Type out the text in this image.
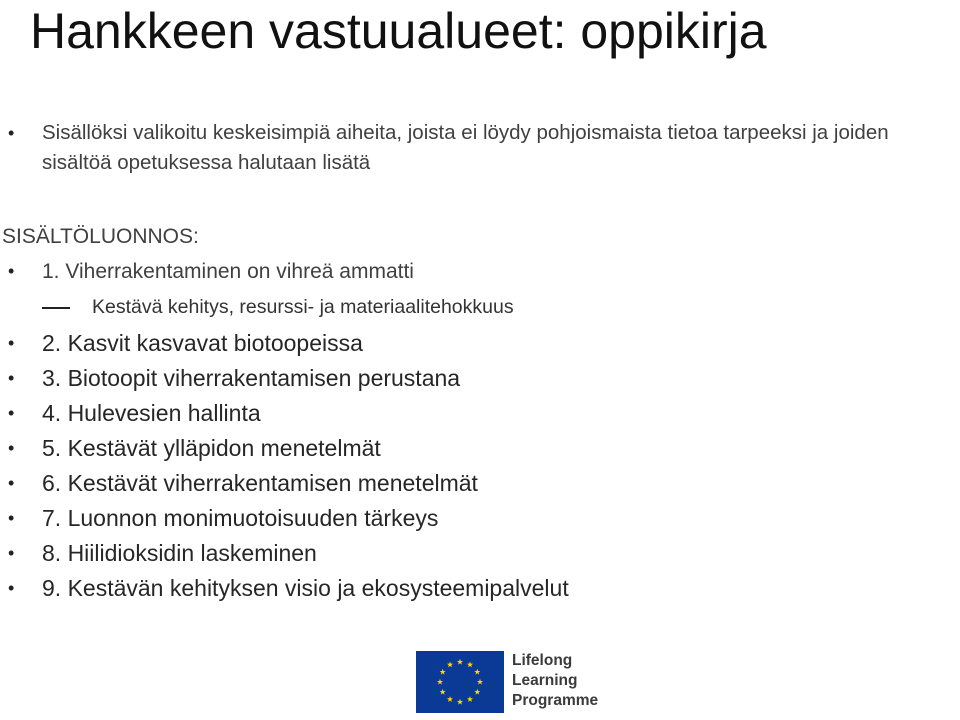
Hankkeen vastuualueet: oppikirja
• Sisällöksi valikoitu keskeisimpiä aiheita, joista ei löydy pohjoismaista tietoa tarpeeksi ja joiden sisältöä opetuksessa halutaan lisätä
SISÄLTÖLUONNOS:
• 1. Viherrakentaminen on vihreä ammatti
Kestävä kehitys, resurssi- ja materiaalitehokkuus
• 2. Kasvit kasvavat biotoopeissa
• 3. Biotoopit viherrakentamisen perustana
• 4. Hulevesien hallinta
• 5. Kestävät ylläpidon menetelmät
• 6. Kestävät viherrakentamisen menetelmät
• 7. Luonnon monimuotoisuuden tärkeys
• 8. Hiilidioksidin laskeminen
• 9. Kestävän kehityksen visio ja ekosysteemipalvelut
Lifelong
Learning
Programme
